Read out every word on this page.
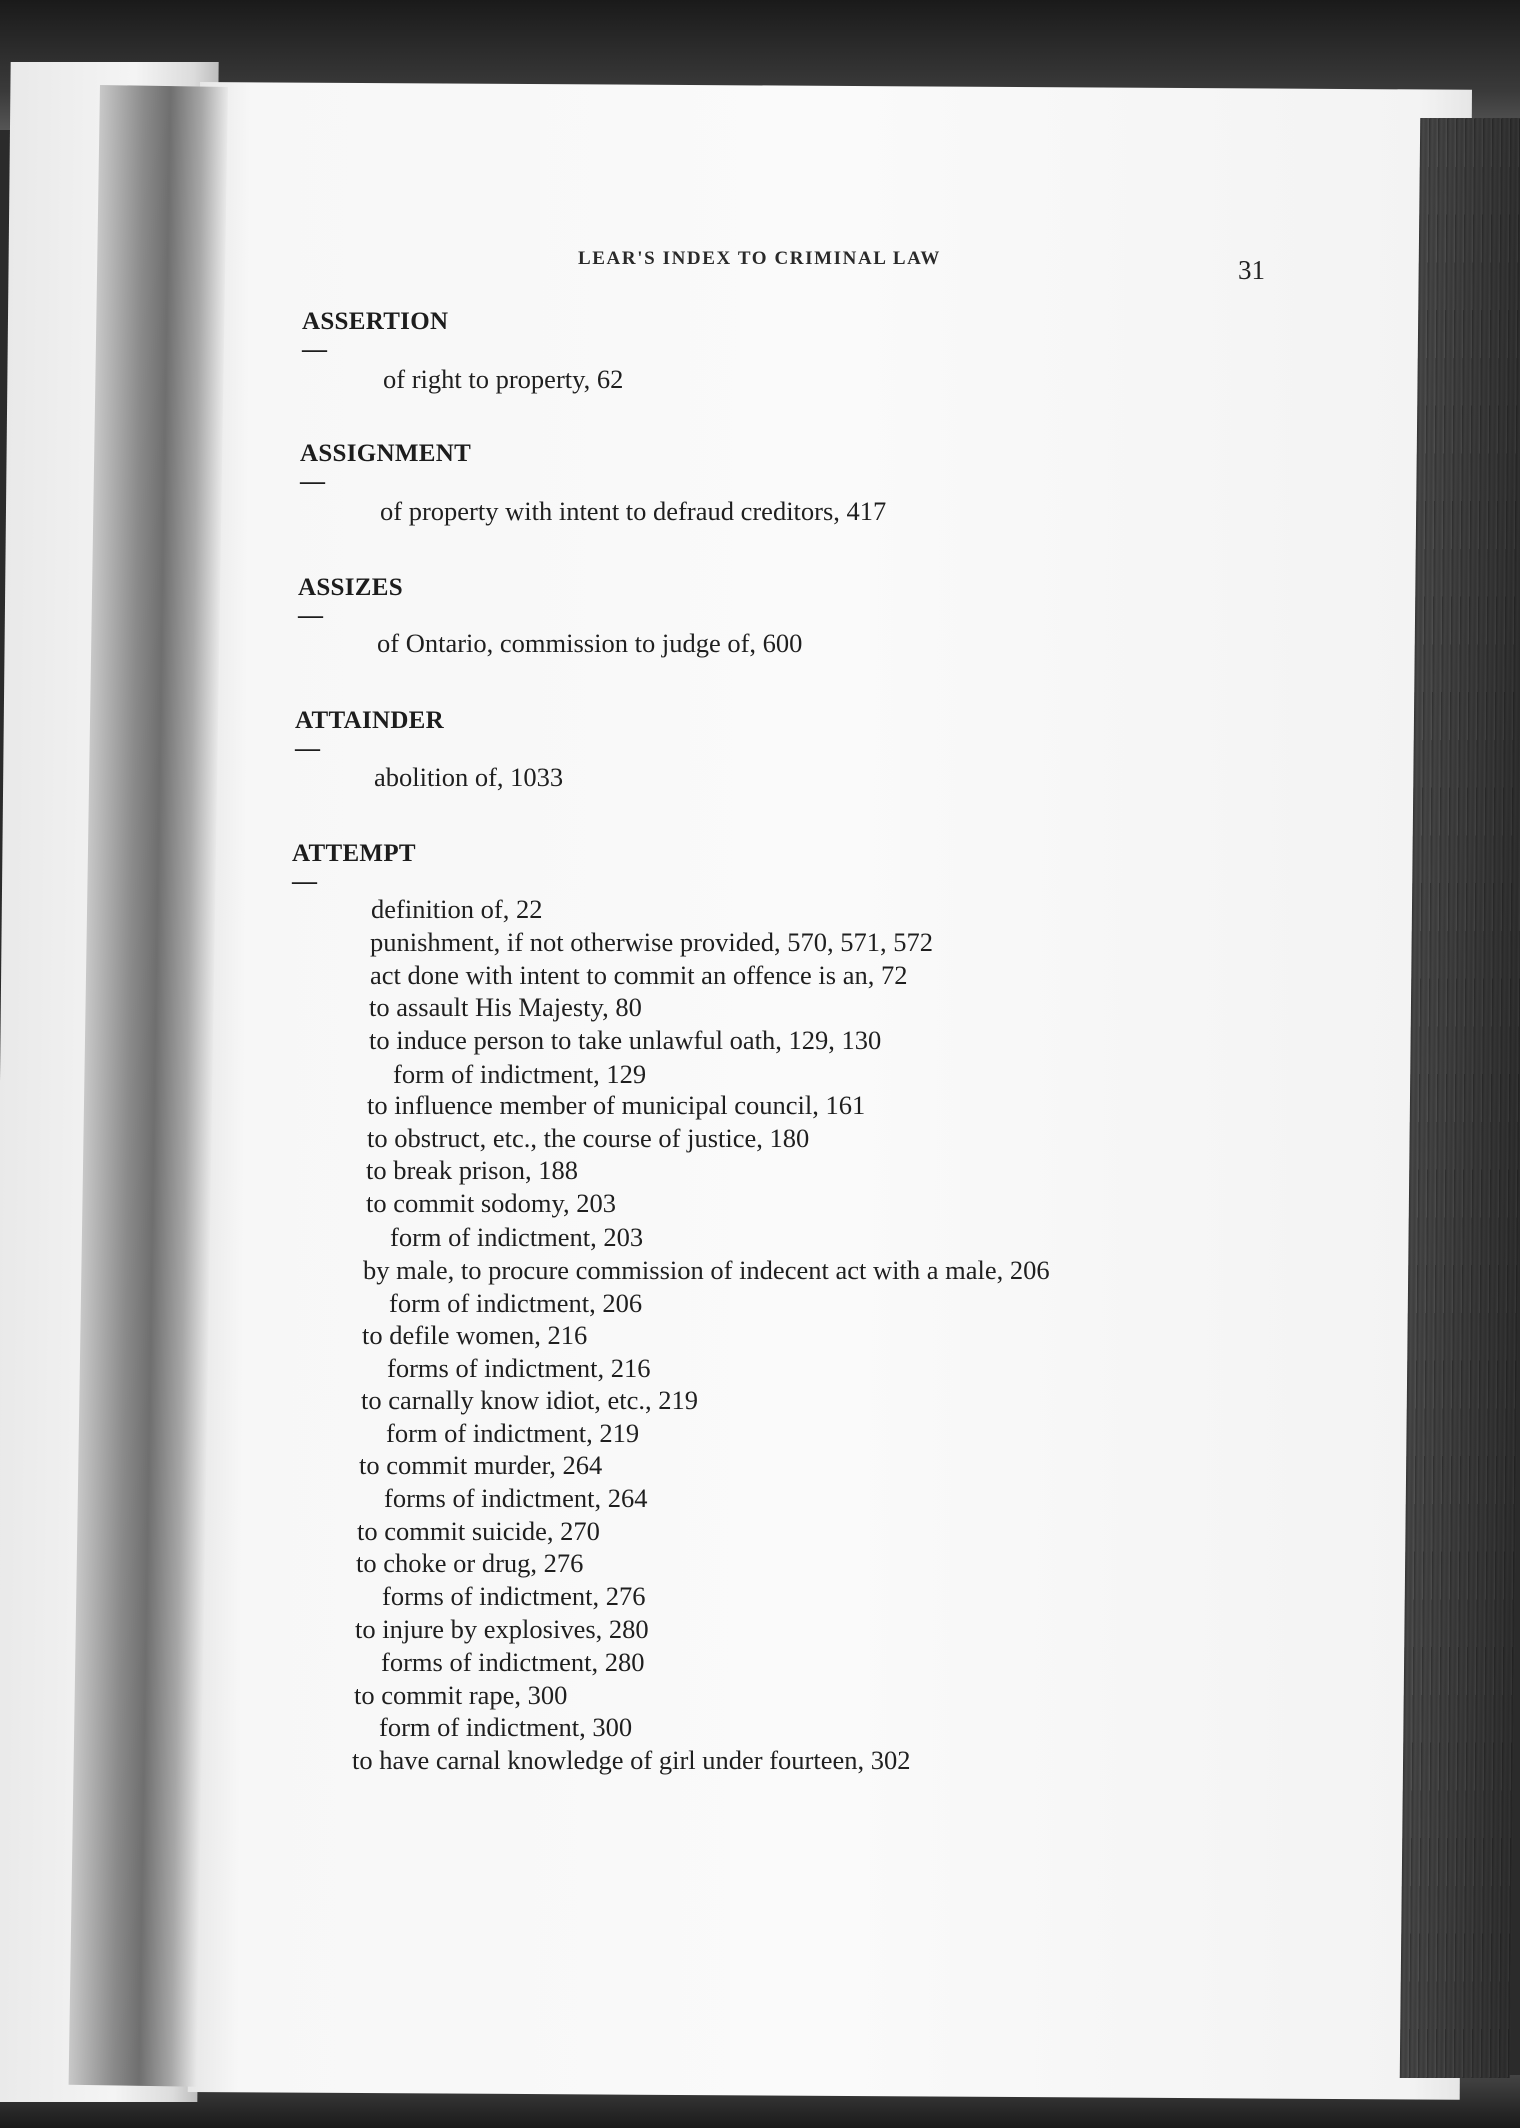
LEAR'S INDEX TO CRIMINAL LAW	31
ASSERTION—
of right to property, 62
ASSIGNMENT—
of property with intent to defraud creditors, 417
ASSIZES—
of Ontario, commission to judge of, 600
ATTAINDER—
abolition of, 1033
ATTEMPT—
definition of, 22
punishment, if not otherwise provided, 570, 571, 572
act done with intent to commit an offence is an, 72
to assault His Majesty, 80
to induce person to take unlawful oath, 129, 130
form of indictment, 129
to influence member of municipal council, 161
to obstruct, etc., the course of justice, 180
to break prison, 188
to commit sodomy, 203
form of indictment, 203
by male, to procure commission of indecent act with a male, 206
form of indictment, 206
to defile women, 216
forms of indictment, 216
to carnally know idiot, etc., 219
form of indictment, 219
to commit murder, 264
forms of indictment, 264
to commit suicide, 270
to choke or drug, 276
forms of indictment, 276
to injure by explosives, 280
forms of indictment, 280
to commit rape, 300
form of indictment, 300
to have carnal knowledge of girl under fourteen, 302
